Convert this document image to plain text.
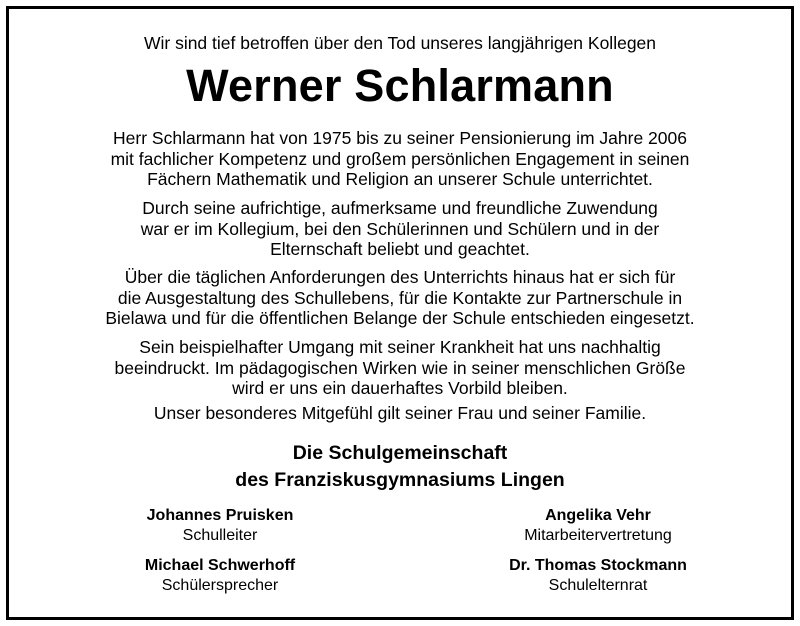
Wir sind tief betroffen über den Tod unseres langjährigen Kollegen
Werner Schlarmann
Herr Schlarmann hat von 1975 bis zu seiner Pensionierung im Jahre 2006
mit fachlicher Kompetenz und großem persönlichen Engagement in seinen
Fächern Mathematik und Religion an unserer Schule unterrichtet.
Durch seine aufrichtige, aufmerksame und freundliche Zuwendung
war er im Kollegium, bei den Schülerinnen und Schülern und in der
Elternschaft beliebt und geachtet.
Über die täglichen Anforderungen des Unterrichts hinaus hat er sich für
die Ausgestaltung des Schullebens, für die Kontakte zur Partnerschule in
Bielawa und für die öffentlichen Belange der Schule entschieden eingesetzt.
Sein beispielhafter Umgang mit seiner Krankheit hat uns nachhaltig
beeindruckt. Im pädagogischen Wirken wie in seiner menschlichen Größe
wird er uns ein dauerhaftes Vorbild bleiben.
Unser besonderes Mitgefühl gilt seiner Frau und seiner Familie.
Die Schulgemeinschaft
des Franziskusgymnasiums Lingen
Johannes Pruisken
Schulleiter
Angelika Vehr
Mitarbeitervertretung
Michael Schwerhoff
Schülersprecher
Dr. Thomas Stockmann
Schulelternrat
